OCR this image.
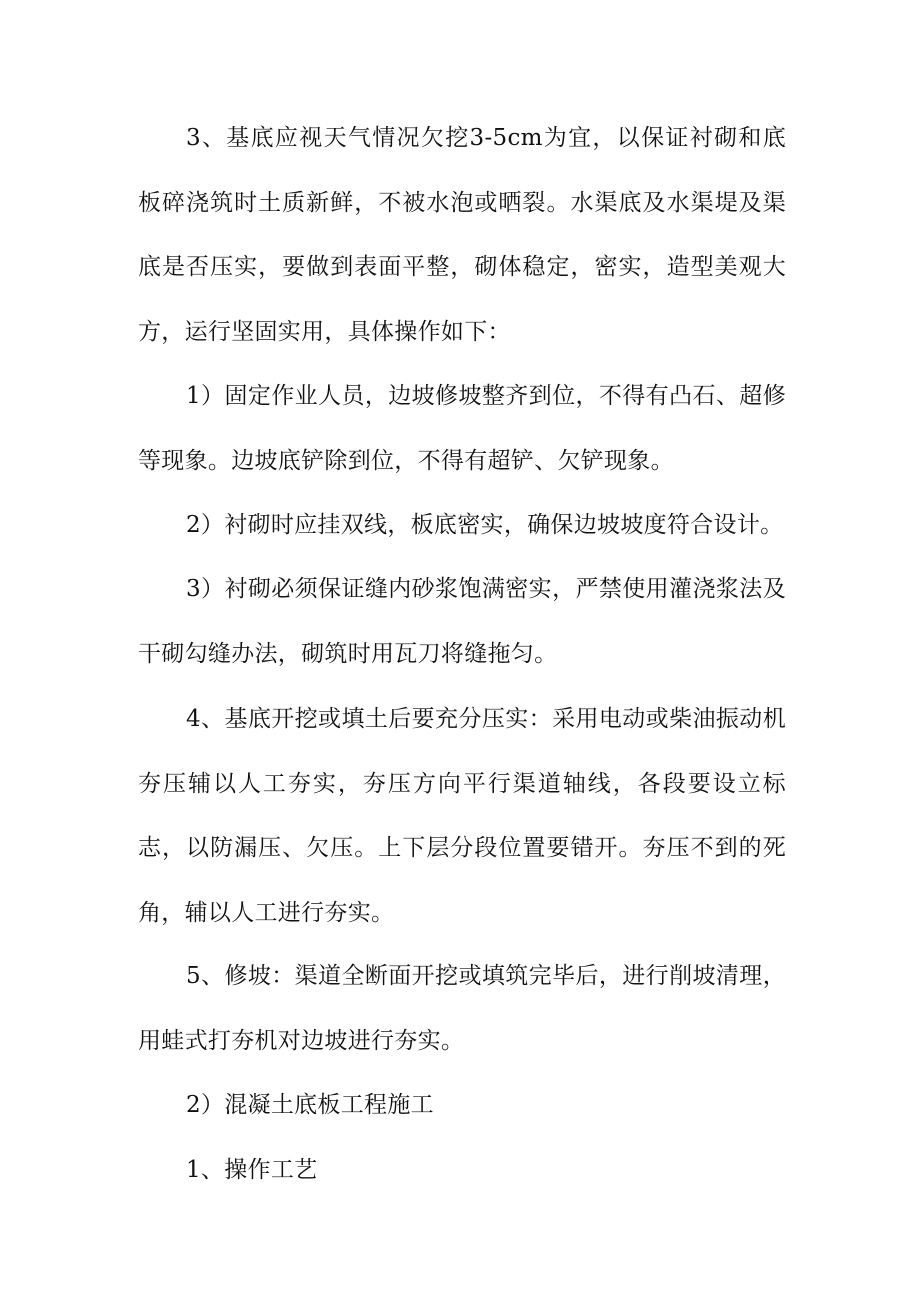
3、基底应视天气情况欠挖3-5cm为宜，以保证衬砌和底板碎浇筑时土质新鲜，不被水泡或晒裂。水渠底及水渠堤及渠底是否压实，要做到表面平整，砌体稳定，密实，造型美观大方，运行坚固实用，具体操作如下：

1）固定作业人员，边坡修坡整齐到位，不得有凸石、超修等现象。边坡底铲除到位，不得有超铲、欠铲现象。

2）衬砌时应挂双线，板底密实，确保边坡坡度符合设计。

3）衬砌必须保证缝内砂浆饱满密实，严禁使用灌浇浆法及干砌勾缝办法，砌筑时用瓦刀将缝拖匀。

4、基底开挖或填土后要充分压实：采用电动或柴油振动机夯压辅以人工夯实，夯压方向平行渠道轴线，各段要设立标志，以防漏压、欠压。上下层分段位置要错开。夯压不到的死角，辅以人工进行夯实。

5、修坡：渠道全断面开挖或填筑完毕后，进行削坡清理，用蛙式打夯机对边坡进行夯实。

2）混凝土底板工程施工

1、操作工艺
